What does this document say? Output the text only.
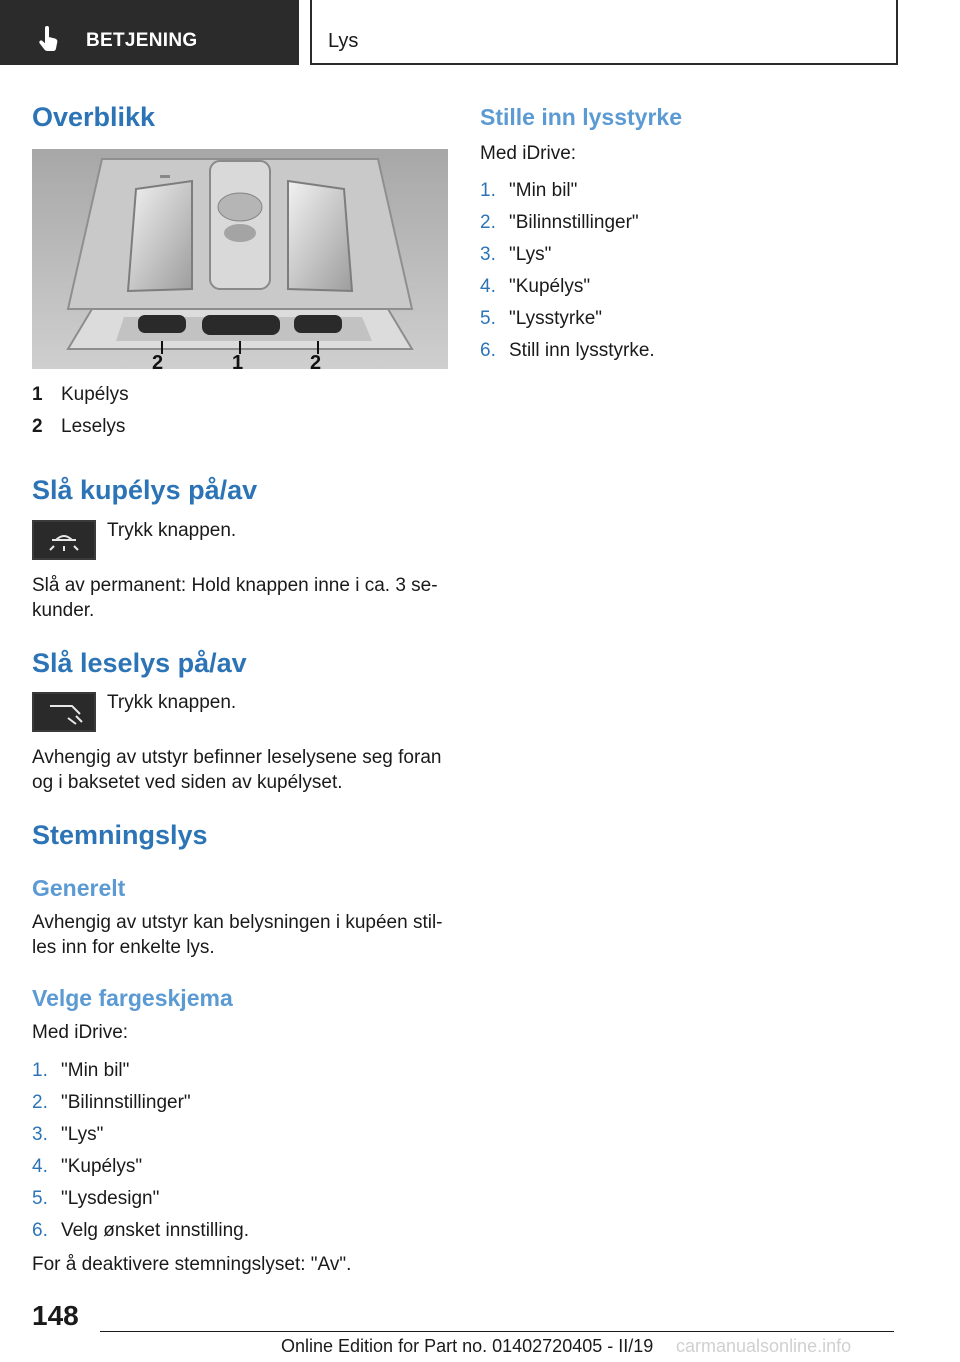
BETJENING	Lys
Overblikk
2	1	2
1 Kupélys
2 Leselys
Slå kupélys på/av

Trykk knappen.

Slå av permanent: Hold knappen inne i ca. 3 se‐

kunder.

Slå leselys på/av

Trykk knappen.

Avhengig av utstyr befinner leselysene seg foran

og i baksetet ved siden av kupélyset.

Stemningslys
Generelt

Avhengig av utstyr kan belysningen i kupéen stil‐

les inn for enkelte lys.

Velge fargeskjema

Med iDrive:

1. "Min bil"
2. "Bilinnstillinger"
3. "Lys"
4. "Kupélys"
5. "Lysdesign"
6. Velg ønsket innstilling.

For å deaktivere stemningslyset: "Av".

Stille inn lysstyrke

Med iDrive:

1. "Min bil"
2. "Bilinnstillinger"
3. "Lys"
4. "Kupélys"
5. "Lysstyrke"
6. Still inn lysstyrke.
148
Online Edition for Part no. 01402720405 - II/19 carmanualsonline.info
